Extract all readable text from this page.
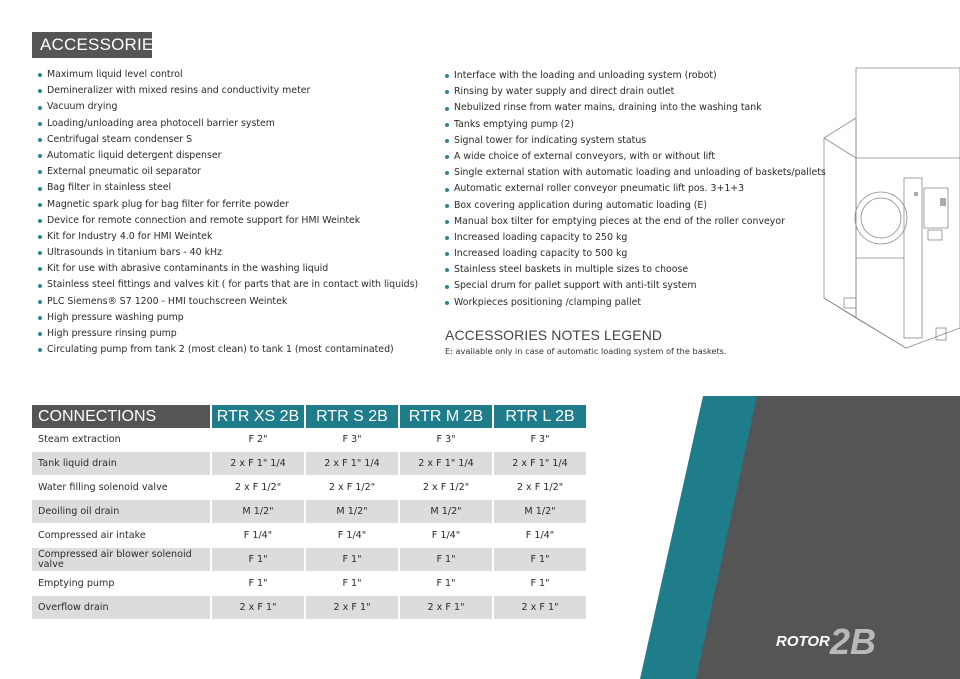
ACCESSORIES
Maximum liquid level control
Demineralizer with mixed resins and conductivity meter
Vacuum drying
Loading/unloading area photocell barrier system
Centrifugal steam condenser S
Automatic liquid detergent dispenser
External pneumatic oil separator
Bag filter in stainless steel
Magnetic spark plug for bag filter for ferrite powder
Device for remote connection and remote support for HMI Weintek
Kit for Industry 4.0 for HMI Weintek
Ultrasounds in titanium bars - 40 kHz
Kit for use with abrasive contaminants in the washing liquid
Stainless steel fittings and valves kit ( for parts that are in contact with liquids)
PLC Siemens® S7 1200 - HMI touchscreen Weintek
High pressure washing pump
High pressure rinsing pump
Circulating pump from tank 2 (most clean) to tank 1 (most contaminated)
Interface with the loading and unloading system (robot)
Rinsing by water supply and direct drain outlet
Nebulized rinse from water mains, draining into the washing tank
Tanks emptying pump (2)
Signal tower for indicating system status
A wide choice of external conveyors, with or without lift
Single external station with automatic loading and unloading of baskets/pallets
Automatic external roller conveyor pneumatic lift pos. 3+1+3
Box covering application during automatic loading (E)
Manual box tilter for emptying pieces at the end of the roller conveyor
Increased loading capacity to 250 kg
Increased loading capacity to 500 kg
Stainless steel baskets in multiple sizes to choose
Special drum for pallet support with anti-tilt system
Workpieces positioning /clamping pallet
ACCESSORIES NOTES LEGEND
E: available only in case of automatic loading system of the baskets.
CONNECTIONS	RTR XS 2B	RTR S 2B	RTR M 2B	RTR L 2B
Steam extraction	F 2"	F 3"	F 3"	F 3"
Tank liquid drain	2 x F 1" 1/4	2 x F 1" 1/4	2 x F 1" 1/4	2 x F 1" 1/4
Water filling solenoid valve	2 x F 1/2"	2 x F 1/2"	2 x F 1/2"	2 x F 1/2"
Deoiling oil drain	M 1/2"	M 1/2"	M 1/2"	M 1/2"
Compressed air intake	F 1/4"	F 1/4"	F 1/4"	F 1/4"
Compressed air blower solenoid valve	F 1"	F 1"	F 1"	F 1"
Emptying pump	F 1"	F 1"	F 1"	F 1"
Overflow drain	2 x F 1"	2 x F 1"	2 x F 1"	2 x F 1"
ROTOR 2B
